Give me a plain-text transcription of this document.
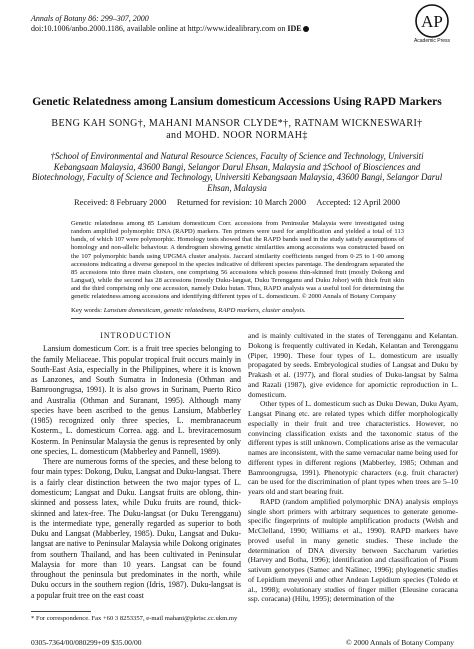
Annals of Botany 86: 299–307, 2000
doi:10.1006/anbo.2000.1186, available online at http://www.idealibrary.com on IDE	AP
Academic Press
Genetic Relatedness among Lansium domesticum Accessions Using RAPD Markers
BENG KAH SONG†, MAHANI MANSOR CLYDE*†, RATNAM WICKNESWARI†
and MOHD. NOOR NORMAH‡
†School of Environmental and Natural Resource Sciences, Faculty of Science and Technology, Universiti Kebangsaan Malaysia, 43600 Bangi, Selangor Darul Ehsan, Malaysia and ‡School of Biosciences and Biotechnology, Faculty of Science and Technology, Universiti Kebangsaan Malaysia, 43600 Bangi, Selangor Darul Ehsan, Malaysia
Received: 8 February 2000     Returned for revision: 10 March 2000     Accepted: 12 April 2000
Genetic relatedness among 85 Lansium domesticum Corr. accessions from Peninsular Malaysia were investigated using random amplified polymorphic DNA (RAPD) markers. Ten primers were used for amplification and yielded a total of 113 bands, of which 107 were polymorphic. Homology tests showed that the RAPD bands used in the study satisfy assumptions of homology and non-allelic behaviour. A dendrogram showing genetic similarities among accessions was constructed based on the 107 polymorphic bands using UPGMA cluster analysis. Jaccard similarity coefficients ranged from 0·25 to 1·00 among accessions indicating a diverse genepool in the species indicative of different species parentage. The dendrogram separated the 85 accessions into three main clusters, one comprising 56 accessions which possess thin-skinned fruit (mostly Dokong and Langsat), while the second has 28 accessions (mostly Duku-langsat, Duku Terengganu and Duku Johor) with thick fruit skin and the third comprising only one accession, namely Duku hutan. Thus, RAPD analysis was a useful tool for determining the genetic relatedness among accessions and identifying different types of L. domesticum. © 2000 Annals of Botany Company
Key words: Lansium domesticum, genetic relatedness, RAPD markers, cluster analysis.
INTRODUCTION

Lansium domesticum Corr. is a fruit tree species belonging to the family Meliaceae. This popular tropical fruit occurs mainly in South-East Asia, especially in the Philippines, where it is known as Lanzones, and South Sumatra in Indonesia (Othman and Bamroongrugsa, 1991). It is also grows in Surinam, Puerto Rico and Australia (Othman and Suranant, 1995). Although many species have been ascribed to the genus Lansium, Mabberley (1985) recognized only three species, L. membranaceum Kosterm., L. domesticum Correa. agg. and L. breviracemosum Kosterm. In Peninsular Malaysia the genus is represented by only one species, L. domesticum (Mabberley and Pannell, 1989).

There are numerous forms of the species, and these belong to four main types: Dokong, Duku, Langsat and Duku-langsat. There is a fairly clear distinction between the two major types of L. domesticum; Langsat and Duku. Langsat fruits are oblong, thin-skinned and possess latex, while Duku fruits are round, thick-skinned and latex-free. The Duku-langsat (or Duku Terengganu) is the intermediate type, generally regarded as superior to both Duku and Langsat (Mabberley, 1985). Duku, Langsat and Duku-langsat are native to Peninsular Malaysia while Dokong originates from southern Thailand, and has been cultivated in Peninsular Malaysia for more than 10 years. Langsat can be found throughout the peninsula but predominates in the north, while Duku occurs in the southern region (Idris, 1987). Duku-langsat is a popular fruit tree on the east coast

and is mainly cultivated in the states of Terengganu and Kelantan. Dokong is frequently cultivated in Kedah, Kelantan and Terengganu (Piper, 1990). These four types of L. domesticum are usually propagated by seeds. Embryological studies of Langsat and Duku by Prakash et al. (1977), and floral studies of Duku-langsat by Salma and Razali (1987), give evidence for apomictic reproduction in L. domesticum.

Other types of L. domesticum such as Duku Dewan, Duku Ayam, Langsat Pinang etc. are related types which differ morphologically especially in their fruit and tree characteristics. However, no convincing classification exists and the taxonomic status of the different types is still unknown. Complications arise as the vernacular names are inconsistent, with the same vernacular name being used for different types in different regions (Mabberley, 1985; Othman and Bamroongrugsa, 1991). Phenotypic characters (e.g. fruit character) can be used for the discrimination of plant types when trees are 5–10 years old and start bearing fruit.

RAPD (random amplified polymorphic DNA) analysis employs single short primers with arbitrary sequences to generate genome-specific fingerprints of multiple amplification products (Welsh and McClelland, 1990; Williams et al., 1990). RAPD markers have proved useful in many genetic studies. These include the determination of DNA diversity between Saccharum varieties (Harvey and Botha, 1996); identification and classification of Pisum sativum genotypes (Samec and Našinec, 1996); phylogenetic studies of Lepidium meyenii and other Andean Lepidium species (Toledo et al., 1998); evolutionary studies of finger millet (Eleusine coracana ssp. coracana) (Hilu, 1995); determination of the

* For correspondence. Fax +60 3 8253357, e-mail mahani@pkrisc.cc.ukm.my
0305-7364/00/080299+09 $35.00/00	© 2000 Annals of Botany Company
